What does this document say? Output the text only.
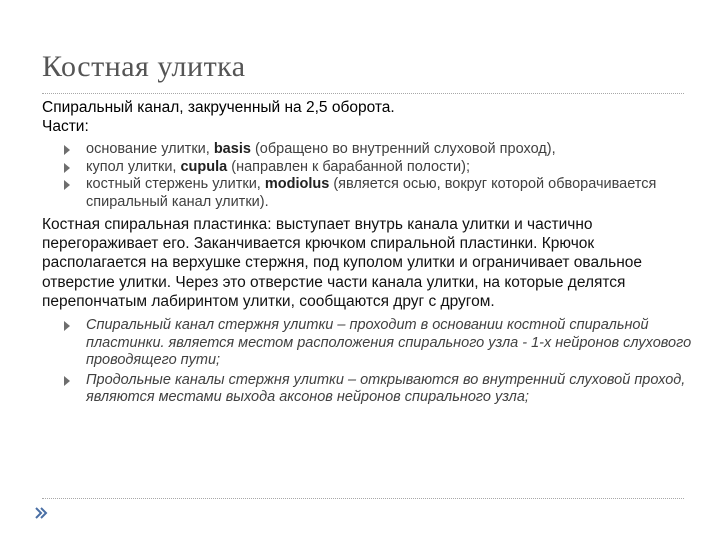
Костная улитка

Спиральный канал, закрученный на 2,5 оборота.

Части:

основание улитки, basis (обращено во внутренний слуховой проход),
купол улитки, cupula (направлен к барабанной полости);
костный стержень улитки, modiolus (является осью, вокруг которой обворачивается спиральный канал улитки).

Костная спиральная пластинка: выступает внутрь канала улитки и частично перегораживает его. Заканчивается крючком спиральной пластинки. Крючок располагается на верхушке стержня, под куполом улитки и ограничивает овальное отверстие улитки. Через это отверстие части канала улитки, на которые делятся перепончатым лабиринтом улитки, сообщаются друг с другом.

Спиральный канал стержня улитки – проходит в основании костной спиральной пластинки. является местом расположения спирального узла - 1-х нейронов слухового проводящего пути;
Продольные каналы стержня улитки – открываются во внутренний слуховой проход, являются местами выхода аксонов нейронов спирального узла;
